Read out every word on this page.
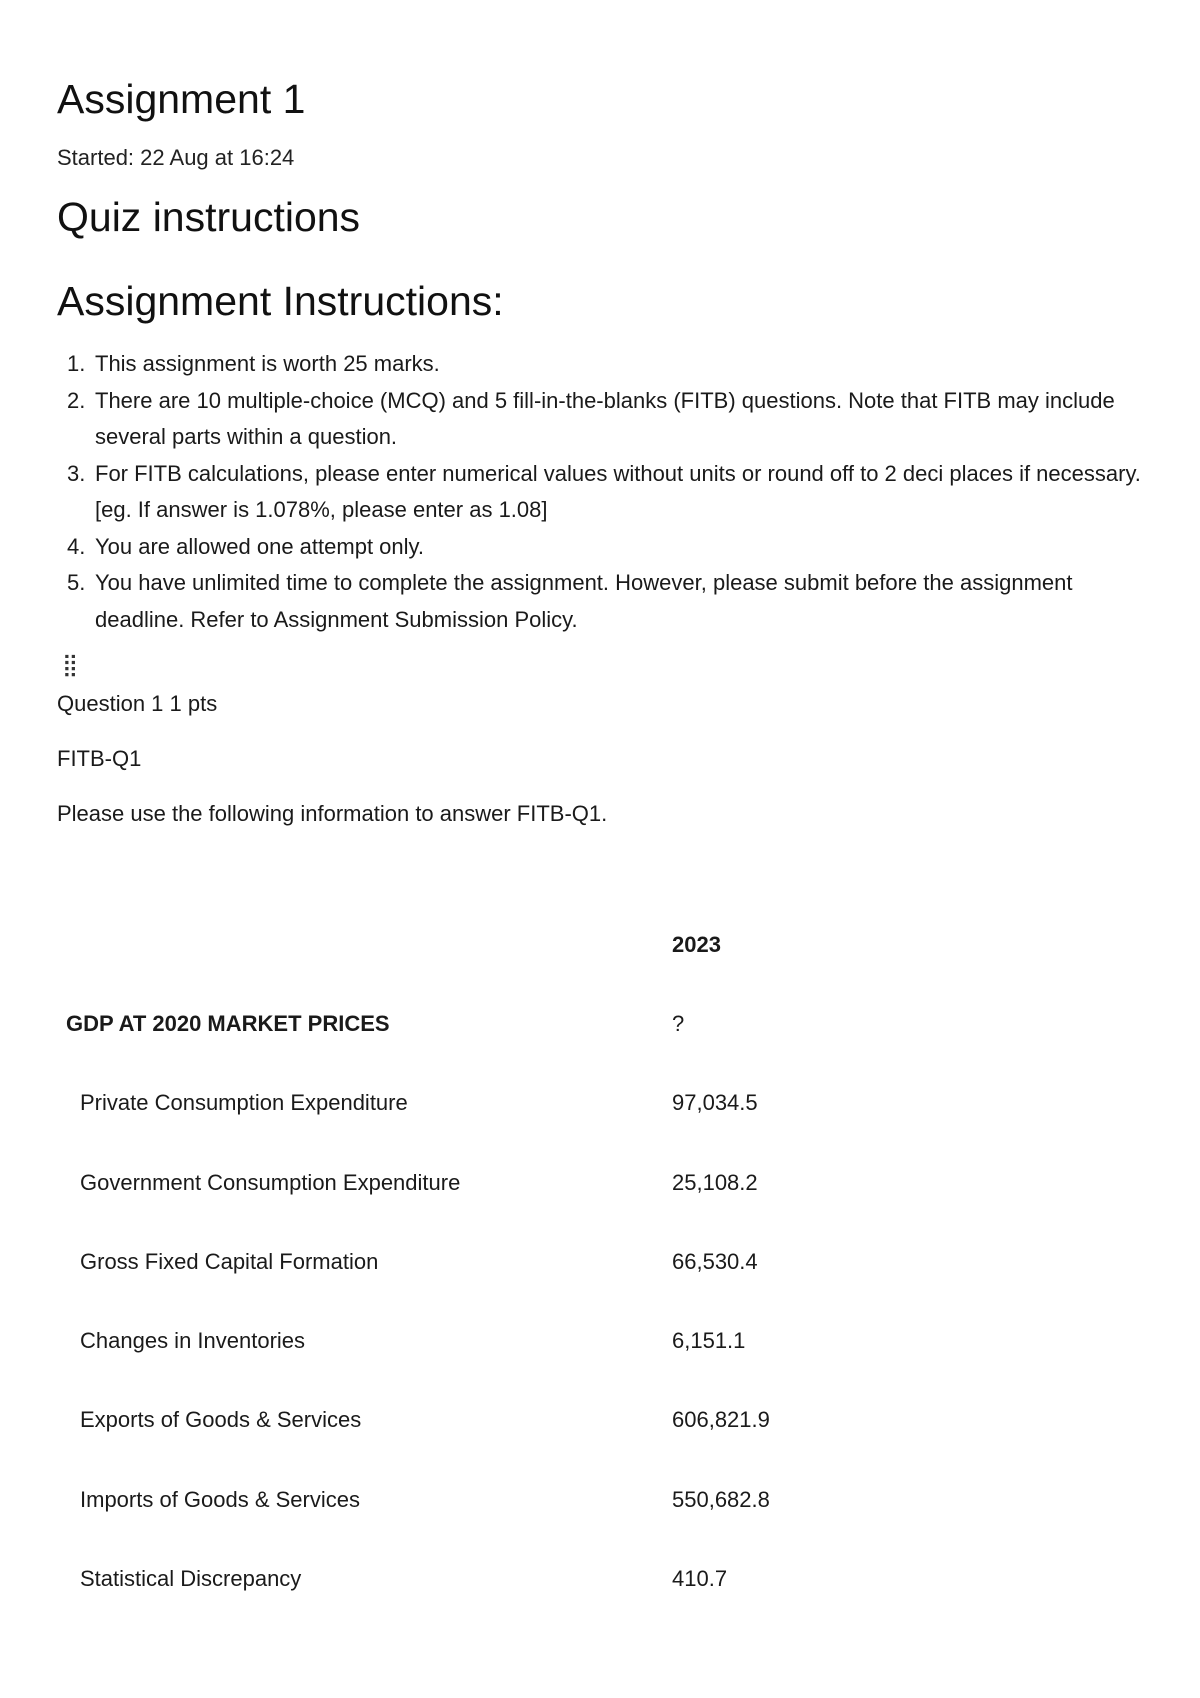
Assignment 1
Started: 22 Aug at 16:24
Quiz instructions
Assignment Instructions:
1. This assignment is worth 25 marks.
2. There are 10 multiple-choice (MCQ) and 5 fill-in-the-blanks (FITB) questions. Note that FITB may include several parts within a question.
3. For FITB calculations, please enter numerical values without units or round off to 2 deci places if necessary. [eg. If answer is 1.078%, please enter as 1.08]
4. You are allowed one attempt only.
5. You have unlimited time to complete the assignment. However, please submit before the assignment deadline. Refer to Assignment Submission Policy.
⣿
Question 1 1 pts
FITB-Q1
Please use the following information to answer FITB-Q1.
	2023
GDP AT 2020 MARKET PRICES	?
Private Consumption Expenditure	97,034.5
Government Consumption Expenditure	25,108.2
Gross Fixed Capital Formation	66,530.4
Changes in Inventories	6,151.1
Exports of Goods & Services	606,821.9
Imports of Goods & Services	550,682.8
Statistical Discrepancy	410.7
